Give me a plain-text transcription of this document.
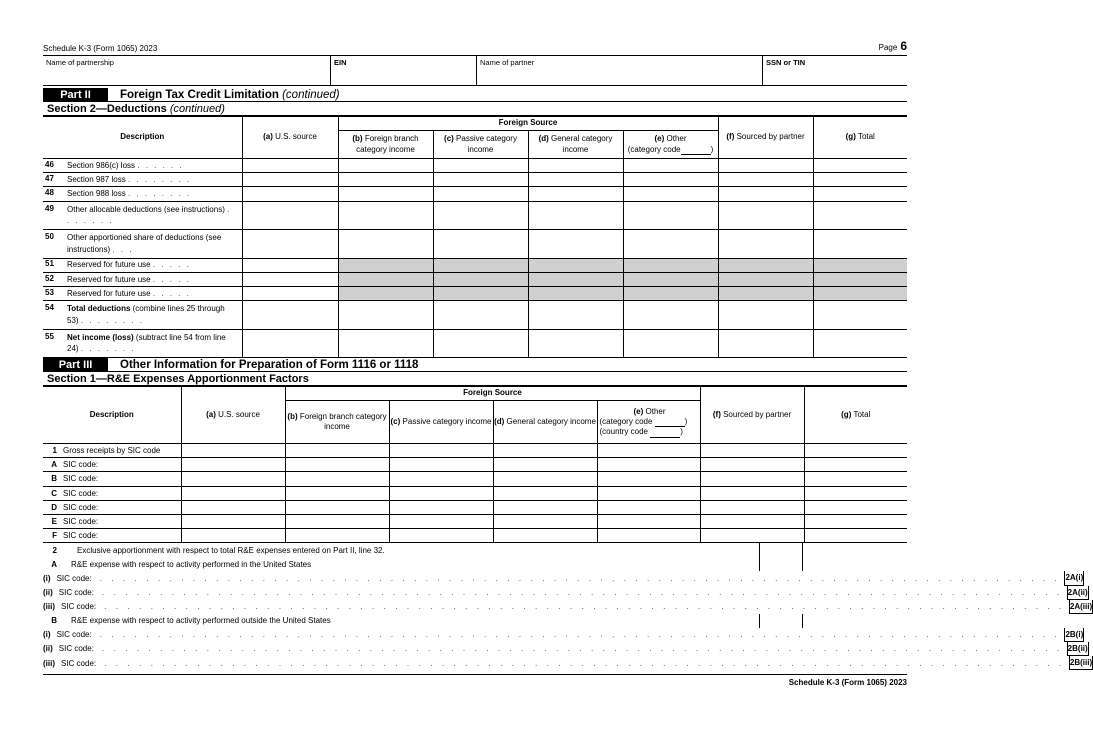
Schedule K-3 (Form 1065) 2023	Page 6
Name of partnership	EIN	Name of partner	SSN or TIN
Part II	Foreign Tax Credit Limitation (continued)
Section 2—Deductions (continued)
Description	(a) U.S. source	Foreign Source				(f) Sourced by partner	(g) Total
		(b) Foreign branch category income	(c) Passive category income	(d) General category income	(e) Other
(category code )		
46 Section 986(c) loss . . . . . .							
47 Section 987 loss . . . . . . . .							
48 Section 988 loss . . . . . . . .							
49 Other allocable deductions (see instructions) . . . . . . .							
50 Other apportioned share of deductions (see instructions) . . .							
51 Reserved for future use . . . . .							
52 Reserved for future use . . . . .							
53 Reserved for future use . . . . .							
54 Total deductions (combine lines 25 through 53) . . . . . . . .							
55 Net income (loss) (subtract line 54 from line 24) . . . . . . .							
Part III	Other Information for Preparation of Form 1116 or 1118
Section 1—R&E Expenses Apportionment Factors
Description	(a) U.S. source	Foreign Source				(f) Sourced by partner	(g) Total
		(b) Foreign branch category income	(c) Passive category income	(d) General category income	(e) Other
(category code )
(country code )		

1 Gross receipts by SIC code							
A SIC code:							
B SIC code:							
C SIC code:							
D SIC code:							
E SIC code:							
F SIC code:							
2	Exclusive apportionment with respect to total R&E expenses entered on Part II, line 32.
A	R&E expense with respect to activity performed in the United States
(i) SIC code:	. . . . . . . . . . . . . . . . . . . . . . . . . . . . . . . . . . . . . . . . . . . . . . . . . . . . . . . . . . . . . . . . . . . . . . . . . . . . . . . . . . . 2A(i)
(ii) SIC code:	. . . . . . . . . . . . . . . . . . . . . . . . . . . . . . . . . . . . . . . . . . . . . . . . . . . . . . . . . . . . . . . . . . . . . . . . . . . . . . . . . . . 2A(ii)
(iii) SIC code:	. . . . . . . . . . . . . . . . . . . . . . . . . . . . . . . . . . . . . . . . . . . . . . . . . . . . . . . . . . . . . . . . . . . . . . . . . . . . . . . . . . . 2A(iii)
B	R&E expense with respect to activity performed outside the United States
(i) SIC code:	. . . . . . . . . . . . . . . . . . . . . . . . . . . . . . . . . . . . . . . . . . . . . . . . . . . . . . . . . . . . . . . . . . . . . . . . . . . . . . . . . . . 2B(i)
(ii) SIC code:	. . . . . . . . . . . . . . . . . . . . . . . . . . . . . . . . . . . . . . . . . . . . . . . . . . . . . . . . . . . . . . . . . . . . . . . . . . . . . . . . . . . 2B(ii)
(iii) SIC code:	. . . . . . . . . . . . . . . . . . . . . . . . . . . . . . . . . . . . . . . . . . . . . . . . . . . . . . . . . . . . . . . . . . . . . . . . . . . . . . . . . . . 2B(iii)
Schedule K-3 (Form 1065) 2023
